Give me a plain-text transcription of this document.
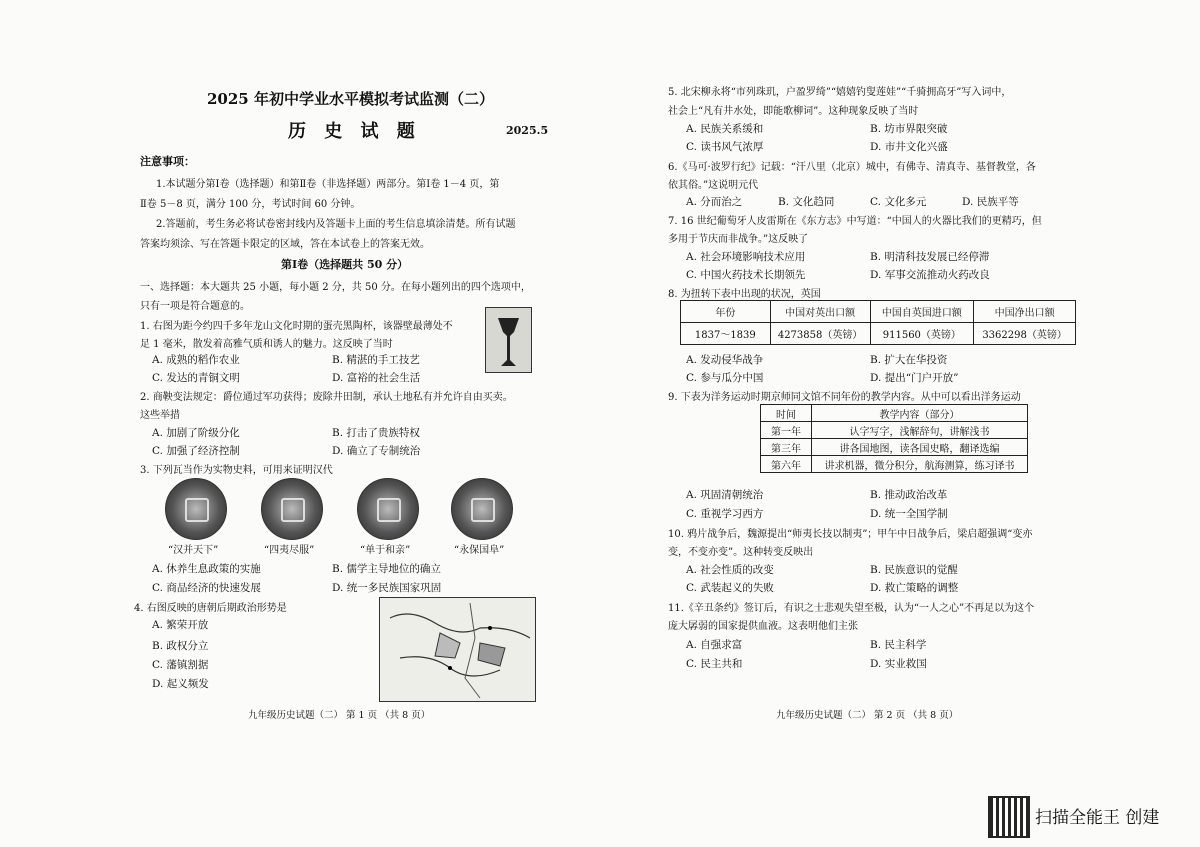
2025 年初中学业水平模拟考试监测（二）
历 史 试 题	2025.5
注意事项：
1.本试题分第Ⅰ卷（选择题）和第Ⅱ卷（非选择题）两部分。第Ⅰ卷 1－4 页，第
Ⅱ卷 5－8 页，满分 100 分，考试时间 60 分钟。
2.答题前，考生务必将试卷密封线内及答题卡上面的考生信息填涂清楚。所有试题
答案均须涂、写在答题卡限定的区域，答在本试卷上的答案无效。
第Ⅰ卷（选择题共 50 分）
一、选择题：本大题共 25 小题，每小题 2 分，共 50 分。在每小题列出的四个选项中，
只有一项是符合题意的。
1. 右图为距今约四千多年龙山文化时期的蛋壳黑陶杯，该器壁最薄处不
足 1 毫米，散发着高雅气质和诱人的魅力。这反映了当时
A. 成熟的稻作农业	B. 精湛的手工技艺
C. 发达的青铜文明	D. 富裕的社会生活
2. 商鞅变法规定：爵位通过军功获得；废除井田制，承认土地私有并允许自由买卖。
这些举措
A. 加剧了阶级分化	B. 打击了贵族特权
C. 加强了经济控制	D. 确立了专制统治
3. 下列瓦当作为实物史料，可用来证明汉代
“汉并天下”	“四夷尽服”	“单于和亲”	“永保国阜”
A. 休养生息政策的实施	B. 儒学主导地位的确立
C. 商品经济的快速发展	D. 统一多民族国家巩固
4. 右图反映的唐朝后期政治形势是
A. 繁荣开放
B. 政权分立
C. 藩镇割据
D. 起义频发
九年级历史试题（二） 第 1 页 （共 8 页）
5. 北宋柳永将“市列珠玑，户盈罗绮”“嬉嬉钓叟莲娃”“千骑拥高牙”写入词中，
社会上“凡有井水处，即能歌柳词”。这种现象反映了当时
A. 民族关系缓和	B. 坊市界限突破
C. 读书风气浓厚	D. 市井文化兴盛
6.《马可·波罗行纪》记载：“汗八里（北京）城中，有佛寺、清真寺、基督教堂，各
依其俗。”这说明元代
A. 分而治之	B. 文化趋同	C. 文化多元	D. 民族平等
7. 16 世纪葡萄牙人皮雷斯在《东方志》中写道：“中国人的火器比我们的更精巧，但
多用于节庆而非战争。”这反映了
A. 社会环境影响技术应用	B. 明清科技发展已经停滞
C. 中国火药技术长期领先	D. 军事交流推动火药改良
8. 为扭转下表中出现的状况，英国
年份	中国对英出口额	中国自英国进口额	中国净出口额
1837～1839	4273858（英镑）	911560（英镑）	3362298（英镑）
A. 发动侵华战争	B. 扩大在华投资
C. 参与瓜分中国	D. 提出“门户开放”
9. 下表为洋务运动时期京师同文馆不同年份的教学内容。从中可以看出洋务运动
时间	教学内容（部分）
第一年	认字写字，浅解辞句，讲解浅书
第三年	讲各国地图，读各国史略，翻译选编
第六年	讲求机器，微分积分，航海测算，练习译书
A. 巩固清朝统治	B. 推动政治改革
C. 重视学习西方	D. 统一全国学制
10. 鸦片战争后，魏源提出“师夷长技以制夷”；甲午中日战争后，梁启超强调“变亦
变，不变亦变”。这种转变反映出
A. 社会性质的改变	B. 民族意识的觉醒
C. 武装起义的失败	D. 救亡策略的调整
11.《辛丑条约》签订后，有识之士悲观失望至极，认为“一人之心”不再足以为这个
庞大孱弱的国家提供血液。这表明他们主张
A. 自强求富	B. 民主科学
C. 民主共和	D. 实业救国
九年级历史试题（二） 第 2 页 （共 8 页）
扫描全能王 创建
